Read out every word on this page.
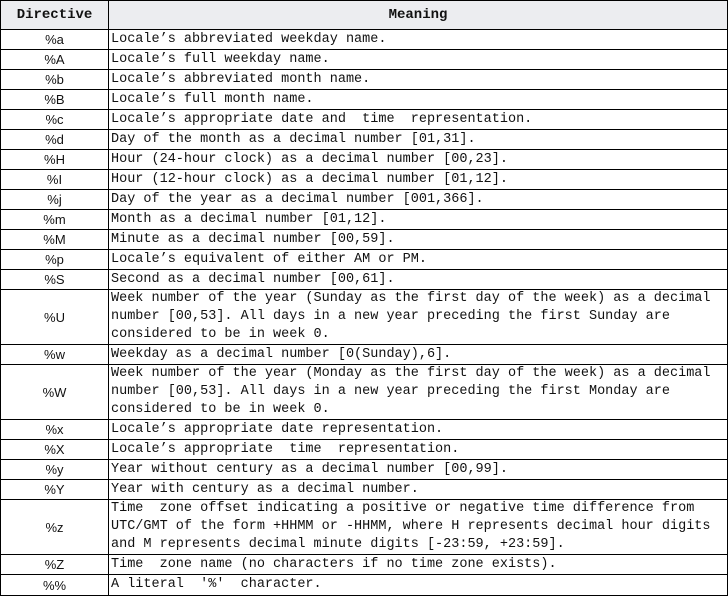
Directive	Meaning
%a	Locale’s abbreviated weekday name.
%A	Locale’s full weekday name.
%b	Locale’s abbreviated month name.
%B	Locale’s full month name.
%c	Locale’s appropriate date and  time  representation.
%d	Day of the month as a decimal number [01,31].
%H	Hour (24-hour clock) as a decimal number [00,23].
%I	Hour (12-hour clock) as a decimal number [01,12].
%j	Day of the year as a decimal number [001,366].
%m	Month as a decimal number [01,12].
%M	Minute as a decimal number [00,59].
%p	Locale’s equivalent of either AM or PM.
%S	Second as a decimal number [00,61].
%U	Week number of the year (Sunday as the first day of the week) as a decimal
number [00,53]. All days in a new year preceding the first Sunday are
considered to be in week 0.
%w	Weekday as a decimal number [0(Sunday),6].
%W	Week number of the year (Monday as the first day of the week) as a decimal
number [00,53]. All days in a new year preceding the first Monday are
considered to be in week 0.
%x	Locale’s appropriate date representation.
%X	Locale’s appropriate  time  representation.
%y	Year without century as a decimal number [00,99].
%Y	Year with century as a decimal number.
%z	Time  zone offset indicating a positive or negative time difference from
UTC/GMT of the form +HHMM or -HHMM, where H represents decimal hour digits
and M represents decimal minute digits [-23:59, +23:59].
%Z	Time  zone name (no characters if no time zone exists).
%%	A literal  '%'  character.
